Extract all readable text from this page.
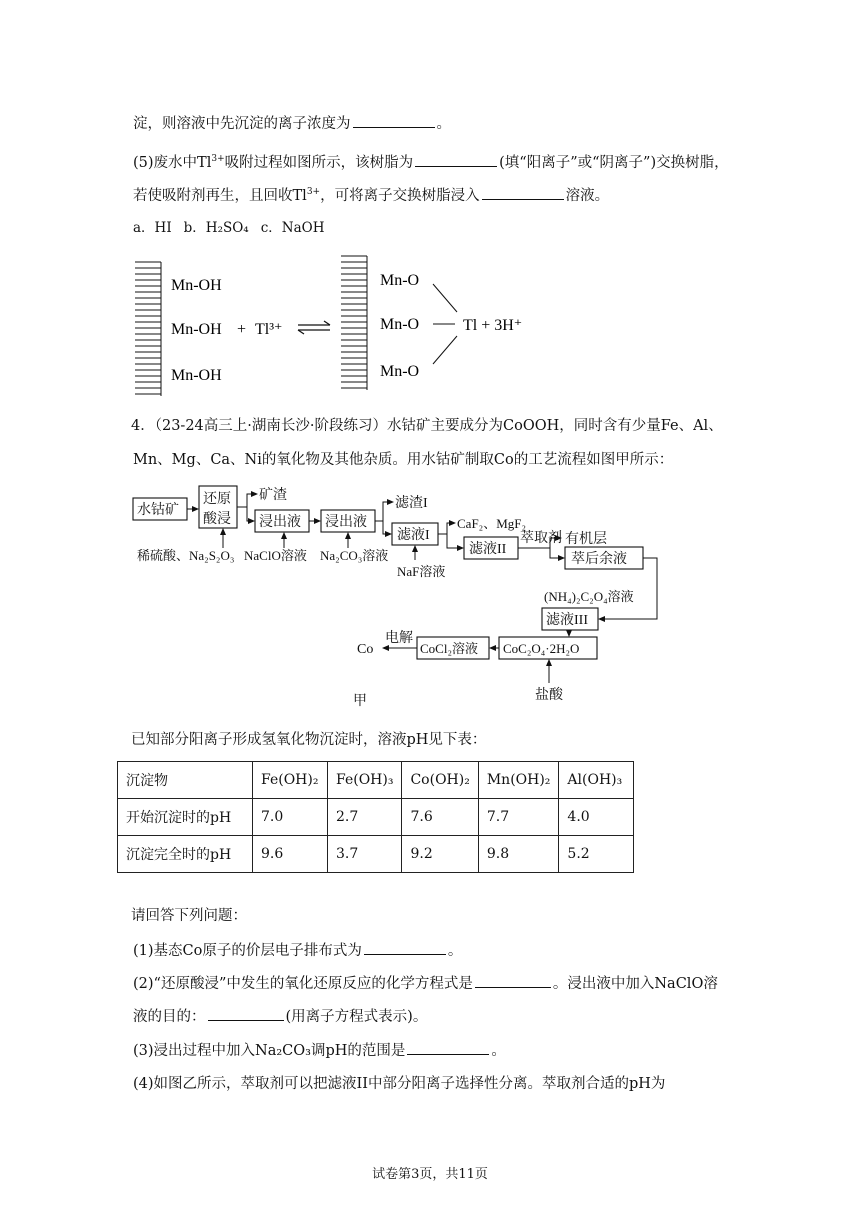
淀，则溶液中先沉淀的离子浓度为	。
(5)废水中$Tl^{3+}$吸附过程如图所示，该树脂为	(填“阳离子”或“阴离子”)交换树脂，
若使吸附剂再生，且回收$Tl^{3+}$，可将离子交换树脂浸入	溶液。
a．HI b．H₂SO₄ c．NaOH
Mn-OH
Mn-OH
Mn-OH
+ Tl³⁺
Mn-O
Mn-O
Mn-O
Tl + 3H⁺
4．（23-24高三上·湖南长沙·阶段练习）水钴矿主要成分为CoOOH，同时含有少量Fe、Al、
Mn、Mg、Ca、Ni的氧化物及其他杂质。用水钴矿制取Co的工艺流程如图甲所示：
水钴矿
还原
酸浸 浸出液 浸出液
滤液I
滤液II
萃后余液
滤液III
CoC₂O₄·2H₂O
CoCl₂溶液
矿渣
滤渣I
CaF₂、MgF₂
萃取剂 有机层
稀硫酸、Na₂S₂O₃ NaClO溶液 Na₂CO₃溶液
NaF溶液
(NH₄)₂C₂O₄溶液
盐酸
电解
Co
甲
已知部分阳离子形成氢氧化物沉淀时，溶液pH见下表：
沉淀物	Fe(OH)₂	Fe(OH)₃	Co(OH)₂	Mn(OH)₂	Al(OH)₃
开始沉淀时的pH	7.0	2.7	7.6	7.7	4.0
沉淀完全时的pH	9.6	3.7	9.2	9.8	5.2
请回答下列问题：
(1)基态Co原子的价层电子排布式为	。
(2)“还原酸浸”中发生的氧化还原反应的化学方程式是	。浸出液中加入NaClO溶
液的目的：	(用离子方程式表示)。
(3)浸出过程中加入Na₂CO₃调pH的范围是	。
(4)如图乙所示，萃取剂可以把滤液II中部分阳离子选择性分离。萃取剂合适的pH为
试卷第3页，共11页
